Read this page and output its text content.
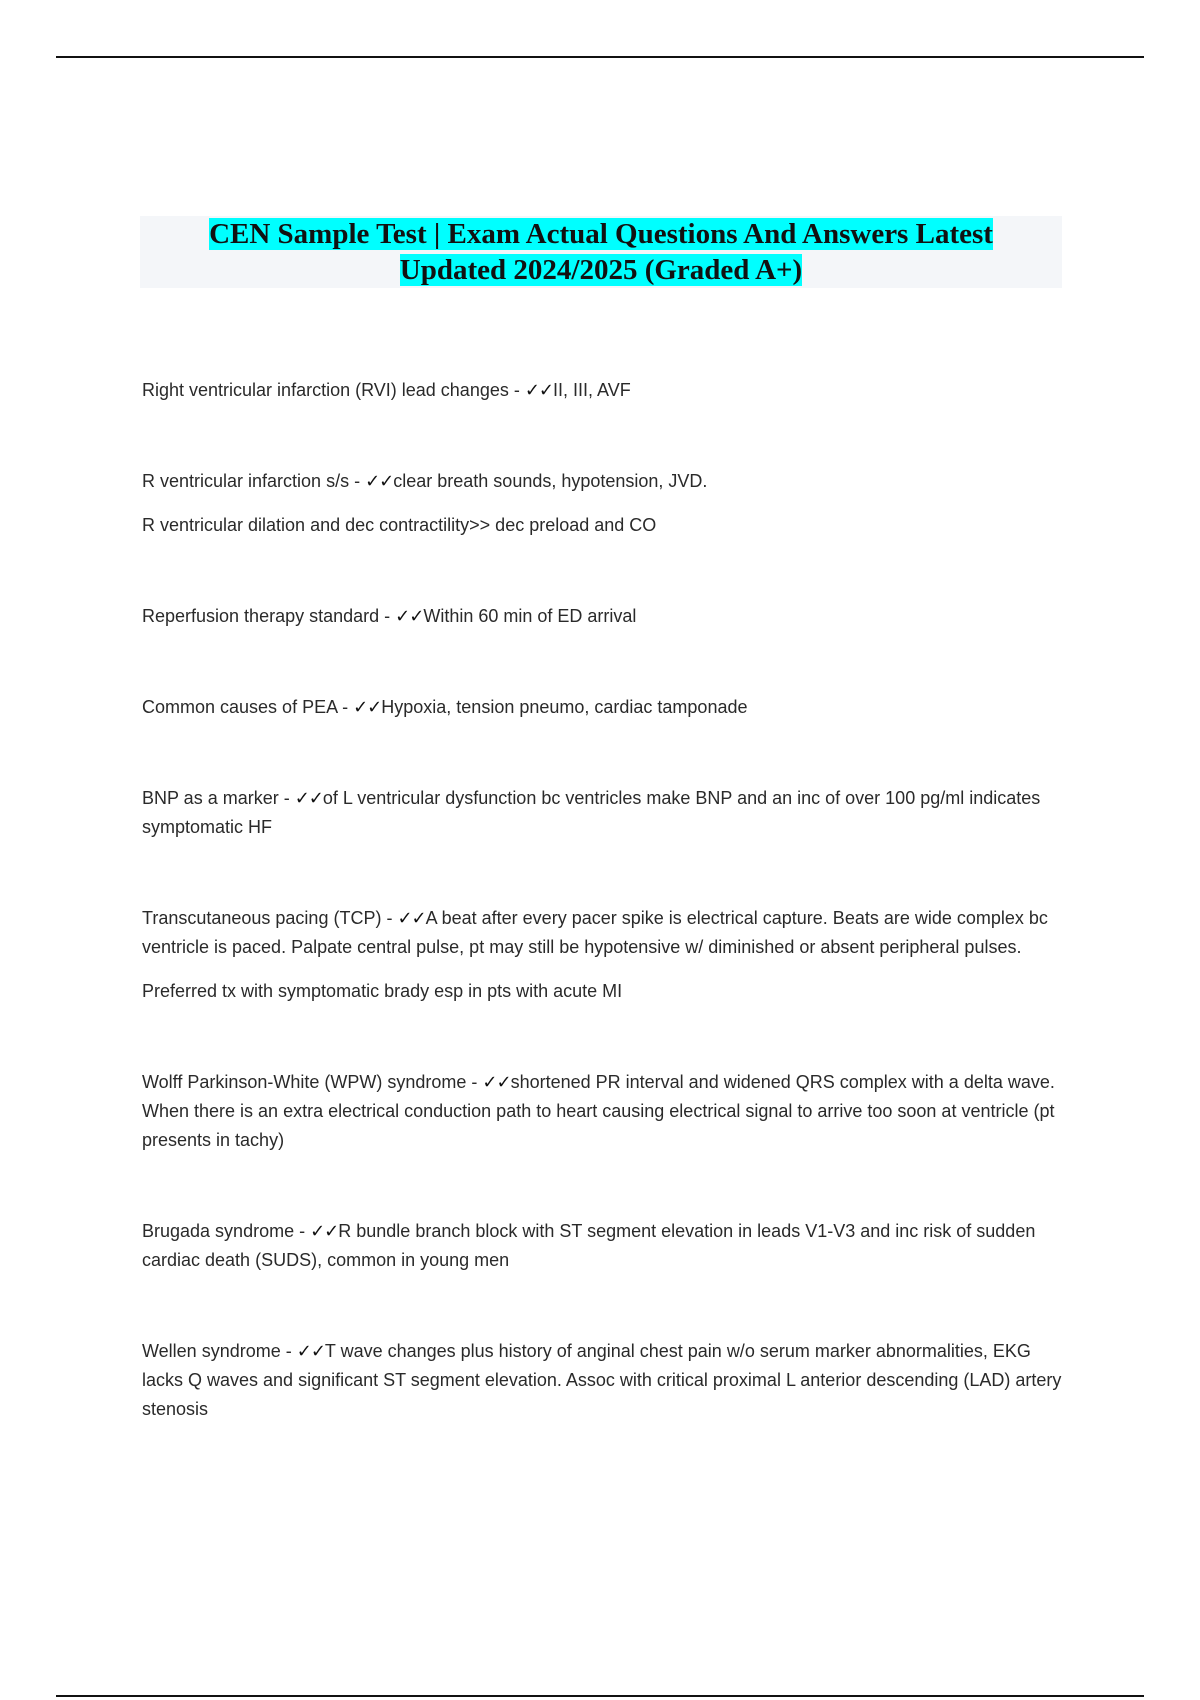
CEN Sample Test | Exam Actual Questions And Answers Latest
Updated 2024/2025 (Graded A+)

Right ventricular infarction (RVI) lead changes - ✓✓II, III, AVF

R ventricular infarction s/s - ✓✓clear breath sounds, hypotension, JVD.

R ventricular dilation and dec contractility>> dec preload and CO

Reperfusion therapy standard - ✓✓Within 60 min of ED arrival

Common causes of PEA - ✓✓Hypoxia, tension pneumo, cardiac tamponade

BNP as a marker - ✓✓of L ventricular dysfunction bc ventricles make BNP and an inc of over 100 pg/ml indicates symptomatic HF

Transcutaneous pacing (TCP) - ✓✓A beat after every pacer spike is electrical capture. Beats are wide complex bc ventricle is paced. Palpate central pulse, pt may still be hypotensive w/ diminished or absent peripheral pulses.

Preferred tx with symptomatic brady esp in pts with acute MI

Wolff Parkinson-White (WPW) syndrome - ✓✓shortened PR interval and widened QRS complex with a delta wave. When there is an extra electrical conduction path to heart causing electrical signal to arrive too soon at ventricle (pt presents in tachy)

Brugada syndrome - ✓✓R bundle branch block with ST segment elevation in leads V1-V3 and inc risk of sudden cardiac death (SUDS), common in young men

Wellen syndrome - ✓✓T wave changes plus history of anginal chest pain w/o serum marker abnormalities, EKG lacks Q waves and significant ST segment elevation. Assoc with critical proximal L anterior descending (LAD) artery stenosis
